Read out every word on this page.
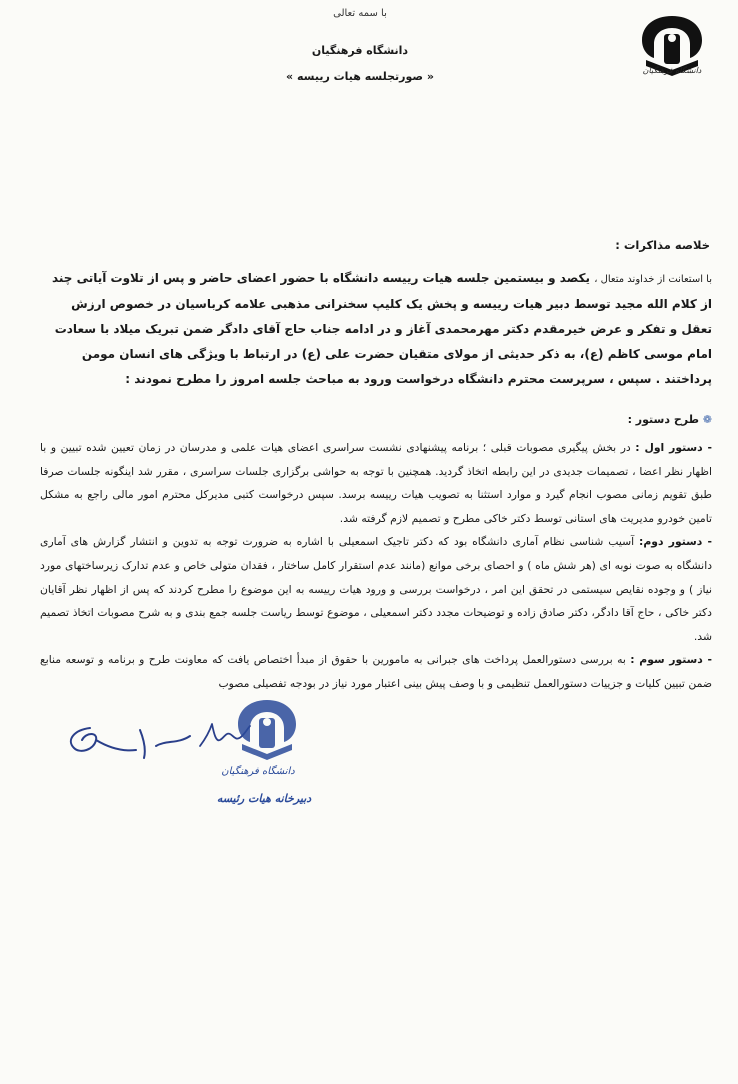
با سمه تعالی
دانشگاه فرهنگیان
« صورتجلسه هیات رییسه »	دانشگاه فرهنگیان
خلاصه مذاکرات :
با استعانت از خداوند متعال ، یکصد و بیستمین جلسه هیات رییسه دانشگاه با حضور اعضای حاضر و پس از تلاوت آیاتی چند از کلام الله مجید توسط دبیر هیات رییسه و پخش یک کلیپ سخنرانی مذهبی علامه کرباسیان در خصوص ارزش تعقل و تفکر و عرض خیرمقدم دکتر مهرمحمدی آغاز و در ادامه جناب حاج آقای دادگر ضمن تبریک میلاد با سعادت امام موسی کاظم (ع)، به ذکر حدیثی از مولای متقیان حضرت علی (ع) در ارتباط با ویژگی های انسان مومن پرداختند . سپس ، سرپرست محترم دانشگاه درخواست ورود به مباحث جلسه امروز را مطرح نمودند :
❁ طرح دستور :

- دستور اول : در بخش پیگیری مصوبات قبلی ؛ برنامه پیشنهادی نشست سراسری اعضای هیات علمی و مدرسان در زمان تعیین شده تبیین و با اظهار نظر اعضا ، تصمیمات جدیدی در این رابطه اتخاذ گردید. همچنین با توجه به حواشی برگزاری جلسات سراسری ، مقرر شد اینگونه جلسات صرفا طبق تقویم زمانی مصوب انجام گیرد و موارد استثنا به تصویب هیات رییسه برسد. سپس درخواست کتبی مدیرکل محترم امور مالی راجع به مشکل تامین خودرو مدیریت های استانی توسط دکتر خاکی مطرح و تصمیم لازم گرفته شد.

- دستور دوم: آسیب شناسی نظام آماری دانشگاه بود که دکتر تاجیک اسمعیلی با اشاره به ضرورت توجه به تدوین و انتشار گزارش های آماری دانشگاه به صوت نوبه ای (هر شش ماه ) و احصای برخی موانع (مانند عدم استقرار کامل ساختار ، فقدان متولی خاص و عدم تدارک زیرساختهای مورد نیاز ) و وجوده نقایص سیستمی در تحقق این امر ، درخواست بررسی و ورود هیات رییسه به این موضوع را مطرح کردند که پس از اظهار نظر آقایان دکتر خاکی ، حاج آقا دادگر، دکتر صادق زاده و توضیحات مجدد دکتر اسمعیلی ، موضوع توسط ریاست جلسه جمع بندی و به شرح مصوبات اتخاذ تصمیم شد.

- دستور سوم : به بررسی دستورالعمل پرداخت های جبرانی به مامورین با حقوق از مبدأ اختصاص یافت که معاونت طرح و برنامه و توسعه منابع ضمن تبیین کلیات و جزییات دستورالعمل تنظیمی و با وصف پیش بینی اعتبار مورد نیاز در بودجه تفصیلی مصوب

دانشگاه فرهنگیان
دبیرخانه هیات رئیسه
